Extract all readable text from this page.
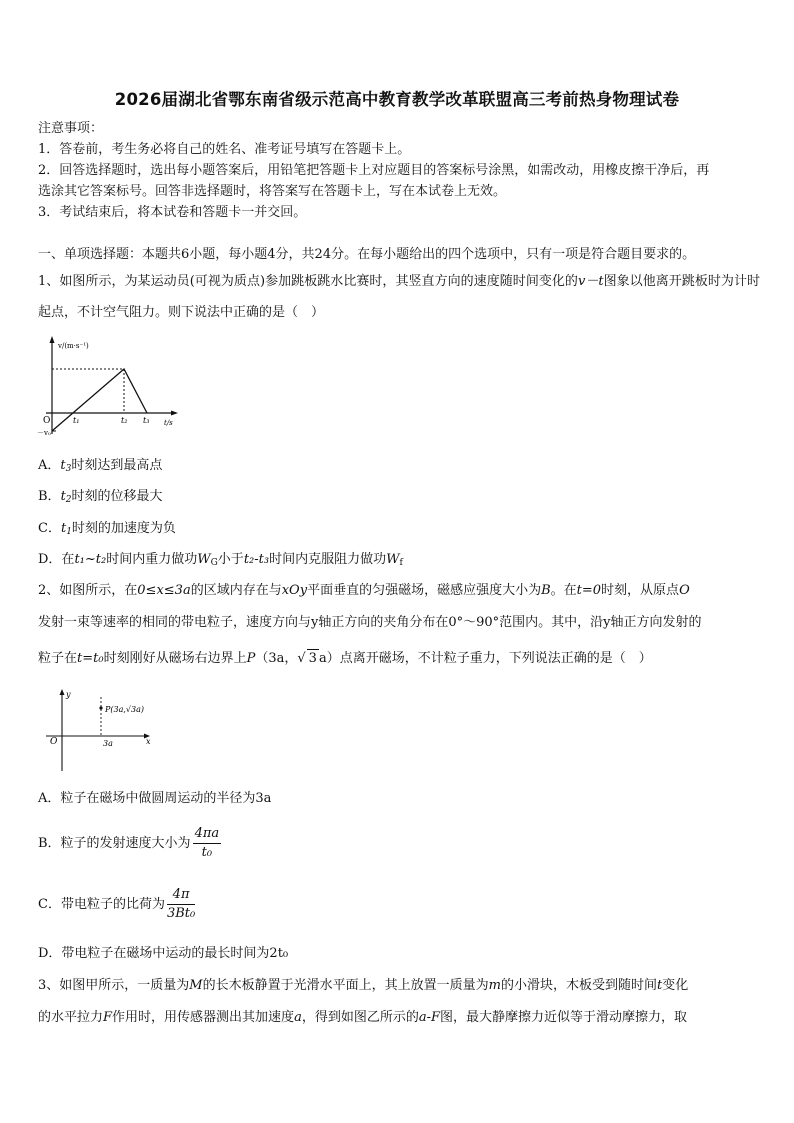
2026届湖北省鄂东南省级示范高中教育教学改革联盟高三考前热身物理试卷
注意事项：
1．答卷前，考生务必将自己的姓名、准考证号填写在答题卡上。
2．回答选择题时，选出每小题答案后，用铅笔把答题卡上对应题目的答案标号涂黑，如需改动，用橡皮擦干净后，再
选涂其它答案标号。回答非选择题时，将答案写在答题卡上，写在本试卷上无效。
3．考试结束后，将本试卷和答题卡一并交回。
一、单项选择题：本题共6小题，每小题4分，共24分。在每小题给出的四个选项中，只有一项是符合题目要求的。
1、如图所示，为某运动员(可视为质点)参加跳板跳水比赛时，其竖直方向的速度随时间变化的v－t图象以他离开跳板时为计时起点，不计空气阻力。则下说法中正确的是（　）
v/(m·s⁻¹)
O
－v₀
t₁	t₂ t₃ t/s
A．$t_3$时刻达到最高点
B．$t_2$时刻的位移最大
C．$t_1$时刻的加速度为负
D．在t₁~t₂时间内重力做功$W_G$小于t₂-t₃时间内克服阻力做功$W_f$
2、如图所示，在0≤x≤3a的区域内存在与xOy平面垂直的匀强磁场，磁感应强度大小为B。在t=0时刻，从原点O
发射一束等速率的相同的带电粒子，速度方向与y轴正方向的夹角分布在0°～90°范围内。其中，沿y轴正方向发射的
粒子在t=t₀时刻刚好从磁场右边界上P（3a，√ 3 a）点离开磁场，不计粒子重力，下列说法正确的是（　）
y
x
O
P(3a,√3a)
3a
A．粒子在磁场中做圆周运动的半径为3a
B．粒子的发射速度大小为 $\frac{4\pi a}{\text{t₀}}$
C．带电粒子的比荷为 $\frac{4\pi}{\text{3Bt₀}}$
D．带电粒子在磁场中运动的最长时间为2t₀
3、如图甲所示，一质量为M的长木板静置于光滑水平面上，其上放置一质量为m的小滑块，木板受到随时间t变化
的水平拉力F作用时，用传感器测出其加速度a，得到如图乙所示的a-F图，最大静摩擦力近似等于滑动摩擦力，取
